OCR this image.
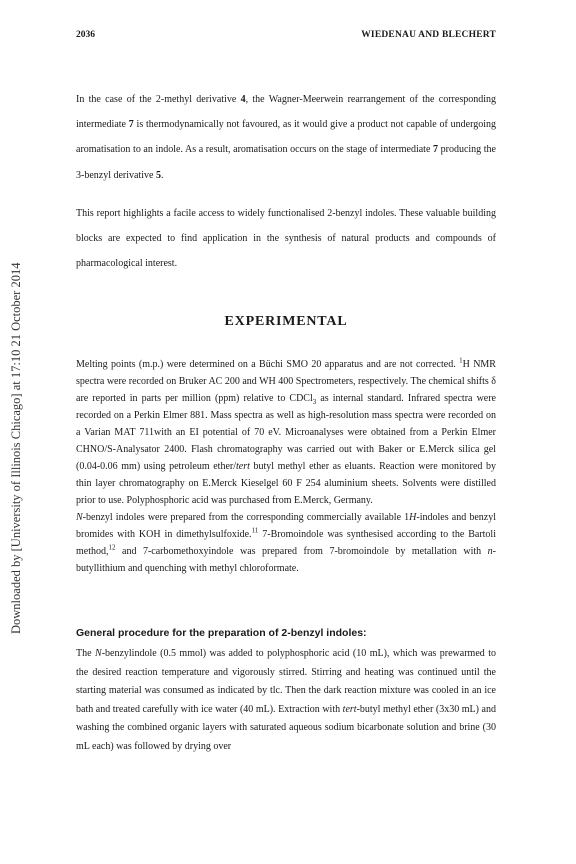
2036	WIEDENAU AND BLECHERT
Downloaded by [University of Illinois Chicago] at 17:10 21 October 2014

In the case of the 2-methyl derivative 4, the Wagner-Meerwein rearrangement of the corresponding intermediate 7 is thermodynamically not favoured, as it would give a product not capable of undergoing aromatisation to an indole. As a result, aromatisation occurs on the stage of intermediate 7 producing the 3-benzyl derivative 5.

This report highlights a facile access to widely functionalised 2-benzyl indoles. These valuable building blocks are expected to find application in the synthesis of natural products and compounds of pharmacological interest.

EXPERIMENTAL

Melting points (m.p.) were determined on a Büchi SMO 20 apparatus and are not corrected. $^1$H NMR spectra were recorded on Bruker AC 200 and WH 400 Spectrometers, respectively. The chemical shifts δ are reported in parts per million (ppm) relative to CDCl$_3$ as internal standard. Infrared spectra were recorded on a Perkin Elmer 881. Mass spectra as well as high-resolution mass spectra were recorded on a Varian MAT 711with an EI potential of 70 eV. Microanalyses were obtained from a Perkin Elmer CHNO/S-Analysator 2400. Flash chromatography was carried out with Baker or E.Merck silica gel (0.04-0.06 mm) using petroleum ether/tert butyl methyl ether as eluants. Reaction were monitored by thin layer chromatography on E.Merck Kieselgel 60 F 254 aluminium sheets. Solvents were distilled prior to use. Polyphosphoric acid was purchased from E.Merck, Germany.

N-benzyl indoles were prepared from the corresponding commercially available 1H-indoles and benzyl bromides with KOH in dimethylsulfoxide.$^{11}$ 7-Bromoindole was synthesised according to the Bartoli method,$^{12}$ and 7-carbomethoxyindole was prepared from 7-bromoindole by metallation with n-butyllithium and quenching with methyl chloroformate.

General procedure for the preparation of 2-benzyl indoles:

The N-benzylindole (0.5 mmol) was added to polyphosphoric acid (10 mL), which was prewarmed to the desired reaction temperature and vigorously stirred. Stirring and heating was continued until the starting material was consumed as indicated by tlc. Then the dark reaction mixture was cooled in an ice bath and treated carefully with ice water (40 mL). Extraction with tert-butyl methyl ether (3x30 mL) and washing the combined organic layers with saturated aqueous sodium bicarbonate solution and brine (30 mL each) was followed by drying over
